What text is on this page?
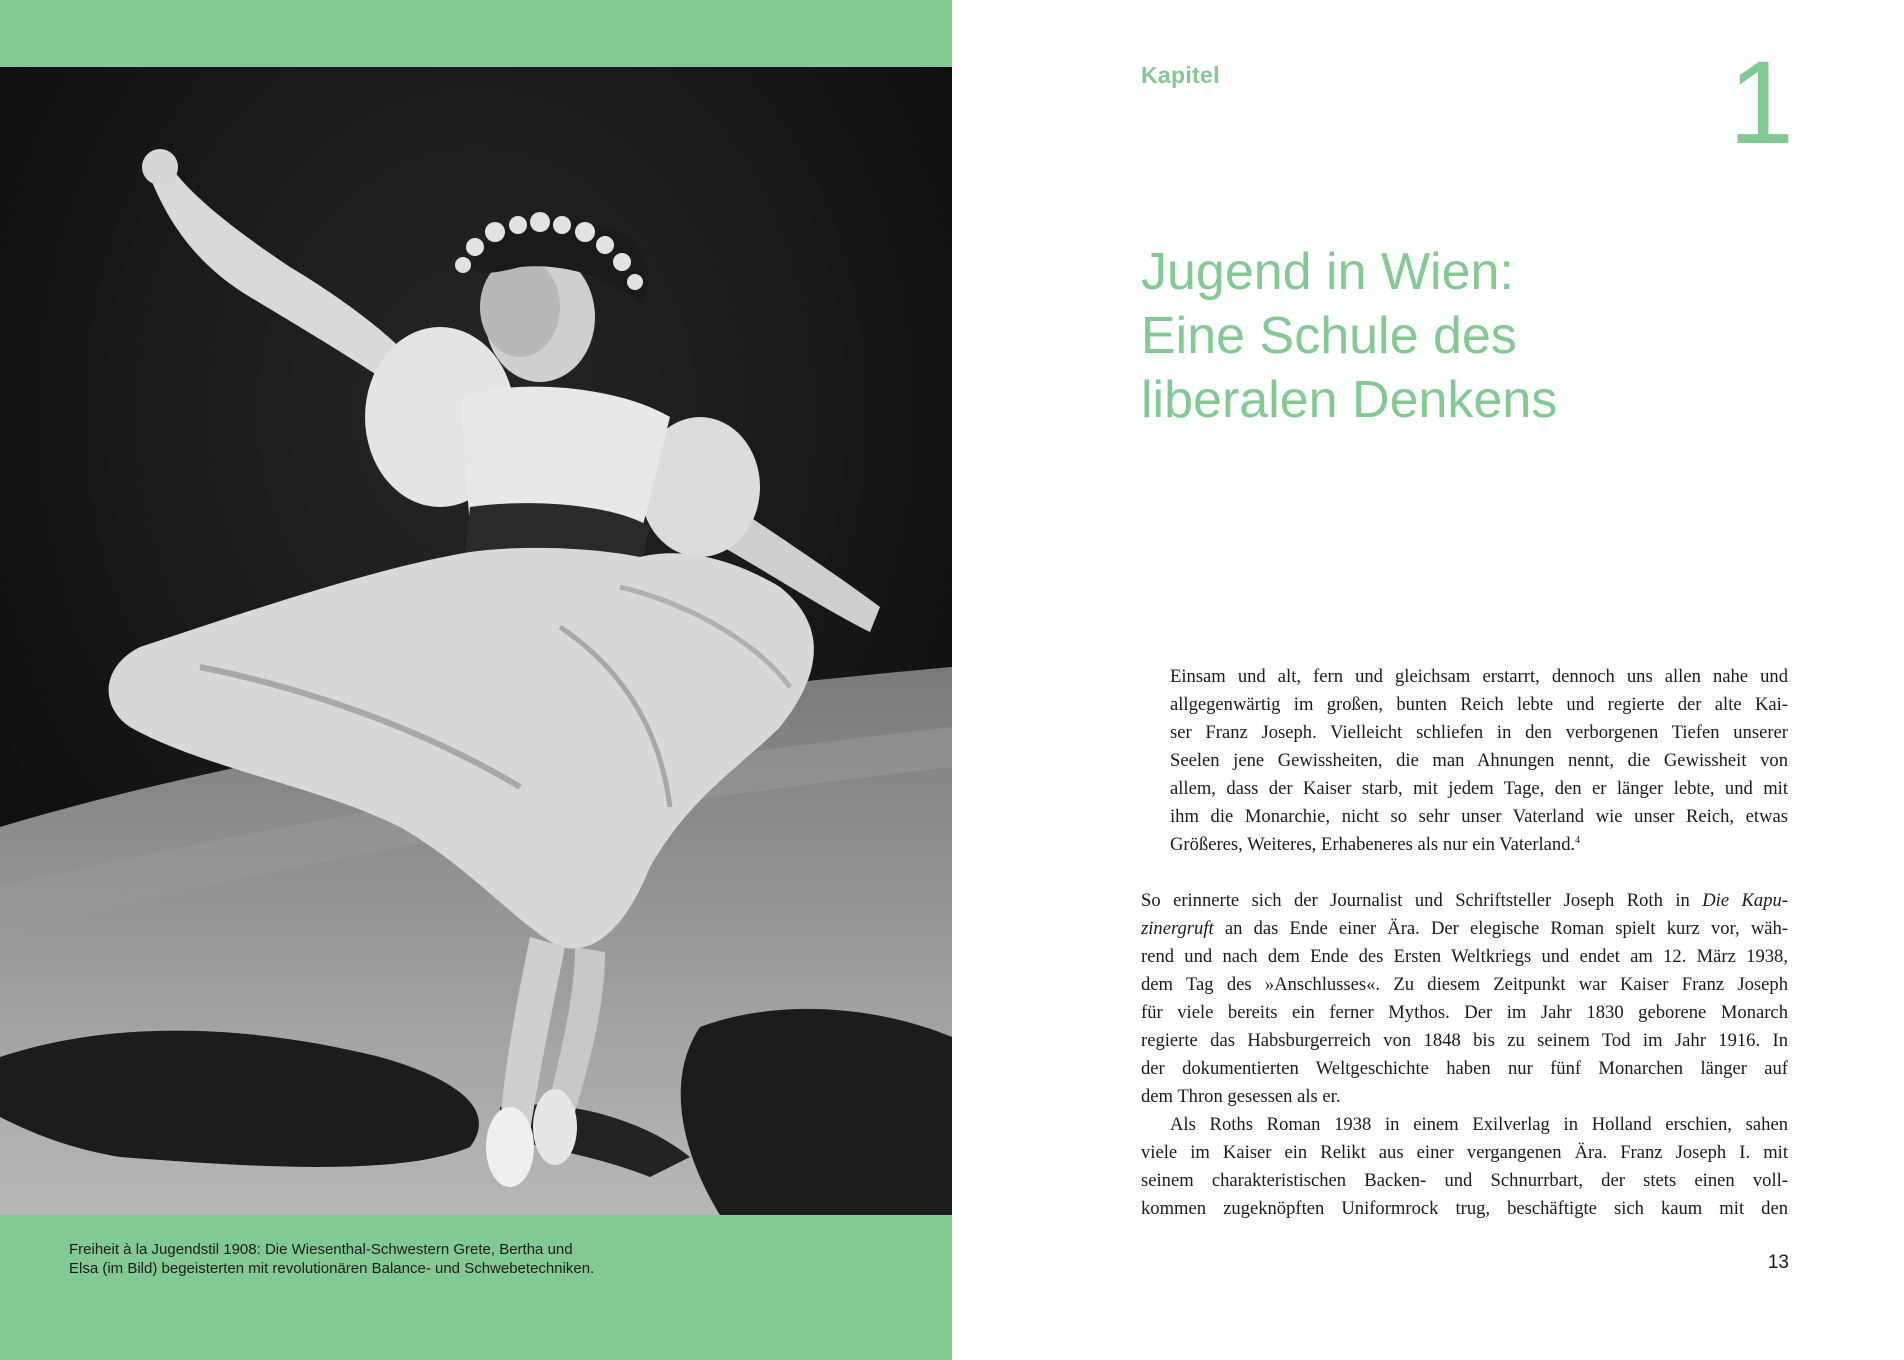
Freiheit à la Jugendstil 1908: Die Wiesenthal-Schwestern Grete, Bertha und
Elsa (im Bild) begeisterten mit revolutionären Balance- und Schwebetechniken.
Kapitel	1
Jugend in Wien:
Eine Schule des
liberalen Denkens
Einsam und alt, fern und gleichsam erstarrt, dennoch uns allen nahe und
allgegenwärtig im großen, bunten Reich lebte und regierte der alte Kai-
ser Franz Joseph. Vielleicht schliefen in den verborgenen Tiefen unserer
Seelen jene Gewissheiten, die man Ahnungen nennt, die Gewissheit von
allem, dass der Kaiser starb, mit jedem Tage, den er länger lebte, und mit
ihm die Monarchie, nicht so sehr unser Vaterland wie unser Reich, etwas
Größeres, Weiteres, Erhabeneres als nur ein Vaterland.$^4$
So erinnerte sich der Journalist und Schriftsteller Joseph Roth in Die Kapu-
zinergruft an das Ende einer Ära. Der elegische Roman spielt kurz vor, wäh-
rend und nach dem Ende des Ersten Weltkriegs und endet am 12. März 1938,
dem Tag des »Anschlusses«. Zu diesem Zeitpunkt war Kaiser Franz Joseph
für viele bereits ein ferner Mythos. Der im Jahr 1830 geborene Monarch
regierte das Habsburgerreich von 1848 bis zu seinem Tod im Jahr 1916. In
der dokumentierten Weltgeschichte haben nur fünf Monarchen länger auf
dem Thron gesessen als er.
Als Roths Roman 1938 in einem Exilverlag in Holland erschien, sahen
viele im Kaiser ein Relikt aus einer vergangenen Ära. Franz Joseph I. mit
seinem charakteristischen Backen- und Schnurrbart, der stets einen voll-
kommen zugeknöpften Uniformrock trug, beschäftigte sich kaum mit den
13
